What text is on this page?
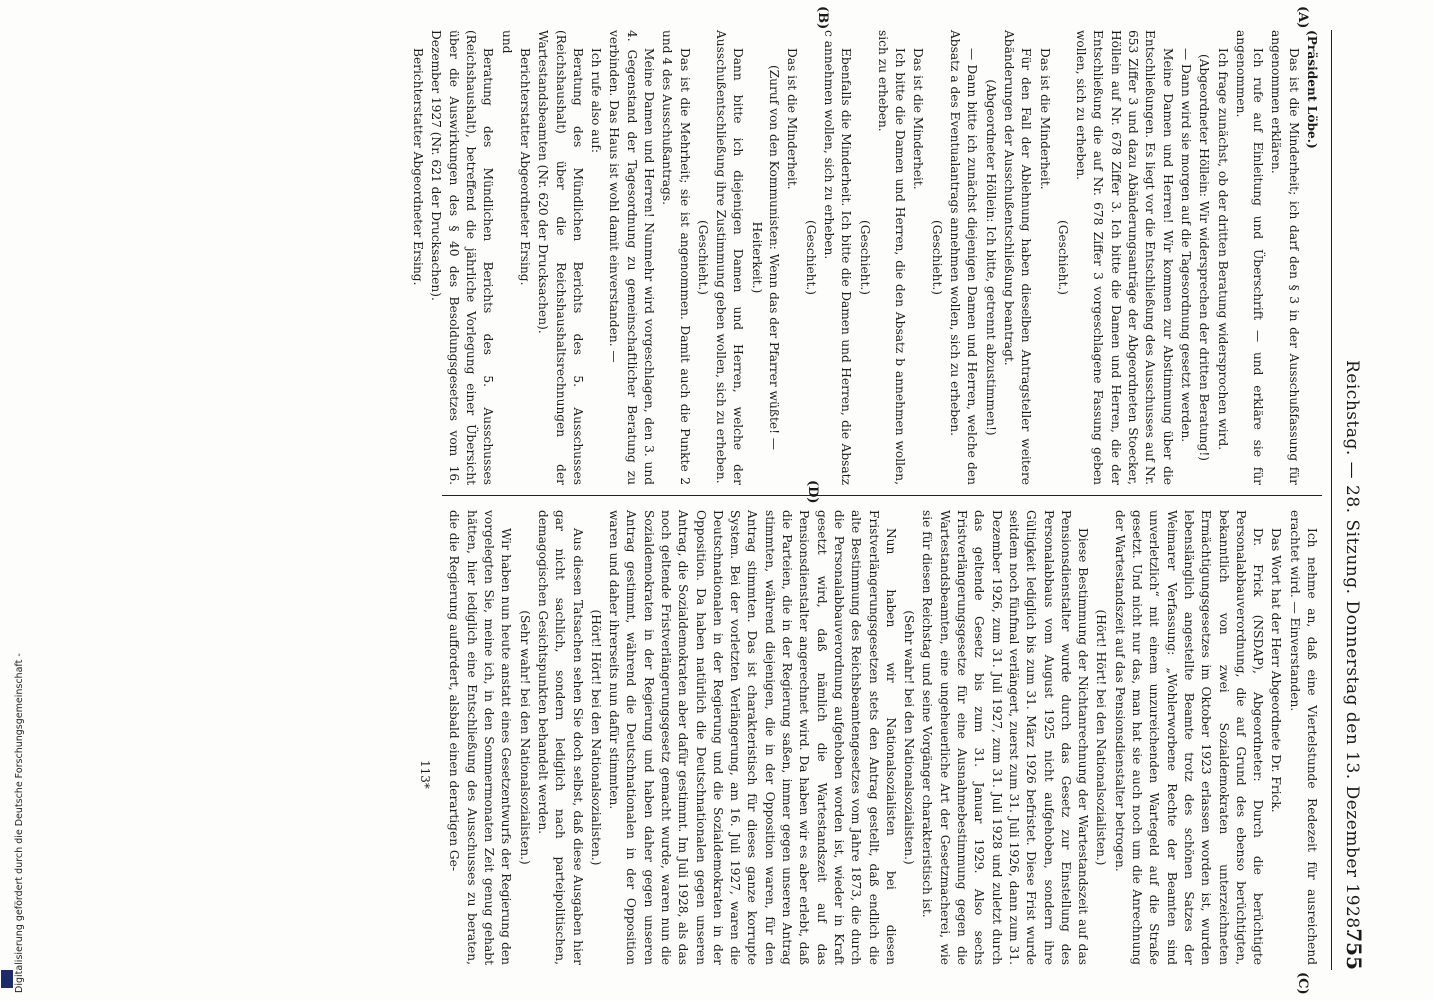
Reichstag. — 28. Sitzung. Donnerstag den 13. Dezember 1928.
755
(A)
(B)
(C)
(D)

(Präsident Löbe.)

Das ist die Minderheit; ich darf den § 3 in der Ausschußfassung für angenommen erklären.

Ich rufe auf Einleitung und Überschrift — und erkläre sie für angenommen.

Ich frage zunächst, ob der dritten Beratung widersprochen wird.

(Abgeordneter Höllein: Wir widersprechen der dritten Beratung!)

— Dann wird sie morgen auf die Tagesordnung gesetzt werden.

Meine Damen und Herren! Wir kommen zur Abstimmung über die Entschließungen. Es liegt vor die Entschließung des Ausschusses auf Nr. 653 Ziffer 3 und dazu Abänderungsanträge der Abgeordneten Stoecker, Höllein auf Nr. 678 Ziffer 3. Ich bitte die Damen und Herren, die der Entschließung die auf Nr. 678 Ziffer 3 vorgeschlagene Fassung geben wollen, sich zu erheben.

(Geschieht.)

Das ist die Minderheit.

Für den Fall der Ablehnung haben dieselben Antragsteller weitere Abänderungen der Ausschußentschließung beantragt.

(Abgeordneter Höllein: Ich bitte, getrennt abzustimmen!)

— Dann bitte ich zunächst diejenigen Damen und Herren, welche den Absatz a des Eventualantrags annehmen wollen, sich zu erheben.

(Geschieht.)

Das ist die Minderheit.

Ich bitte die Damen und Herren, die den Absatz b annehmen wollen, sich zu erheben.

(Geschieht.)

Ebenfalls die Minderheit. Ich bitte die Damen und Herren, die Absatz c annehmen wollen, sich zu erheben.

(Geschieht.)

Das ist die Minderheit.

(Zuruf von den Kommunisten: Wenn das der Pfarrer wüßte! — Heiterkeit.)

Dann bitte ich diejenigen Damen und Herren, welche der Ausschußentschließung ihre Zustimmung geben wollen, sich zu erheben.

(Geschieht.)

Das ist die Mehrheit; sie ist angenommen. Damit auch die Punkte 2 und 4 des Ausschußantrags.

Meine Damen und Herren! Nunmehr wird vorgeschlagen, den 3. und 4. Gegenstand der Tagesordnung zu gemeinschaftlicher Beratung zu verbinden. Das Haus ist wohl damit einverstanden. —

Ich rufe also auf:

Beratung des Mündlichen Berichts des 5. Ausschusses (Reichshaushalt) über die Reichshaushaltsrechnungen der Wartestandsbeamten (Nr. 620 der Drucksachen).

Berichterstatter Abgeordneter Ersing.

und

Beratung des Mündlichen Berichts des 5. Ausschusses (Reichshaushalt), betreffend die jährliche Vorlegung einer Übersicht über die Auswirkungen des § 40 des Besoldungsgesetzes vom 16. Dezember 1927 (Nr. 621 der Drucksachen).

Berichterstatter Abgeordneter Ersing.

Ich nehme an, daß eine Viertelstunde Redezeit für ausreichend erachtet wird. — Einverstanden.

Das Wort hat der Herr Abgeordnete Dr. Frick.

Dr. Frick (NSDAP), Abgeordneter: Durch die berüchtigte Personalabbauverordnung, die auf Grund des ebenso berüchtigten, bekanntlich von zwei Sozialdemokraten unterzeichneten Ermächtigungsgesetzes im Oktober 1923 erlassen worden ist, wurden lebenslänglich angestellte Beamte trotz des schönen Satzes der Weimarer Verfassung: „Wohlerworbene Rechte der Beamten sind unverletzlich“ mit einem unzureichenden Wartegeld auf die Straße gesetzt. Und nicht nur das, man hat sie auch noch um die Anrechnung der Wartestandszeit auf das Pensionsdienstalter betrogen.

(Hört! Hört! bei den Nationalsozialisten.)

Diese Bestimmung der Nichtanrechnung der Wartestandszeit auf das Pensionsdienstalter wurde durch das Gesetz zur Einstellung des Personalabbaus vom August 1925 nicht aufgehoben, sondern ihre Gültigkeit lediglich bis zum 31. März 1926 befristet. Diese Frist wurde seitdem noch fünfmal verlängert, zuerst zum 31. Juli 1926, dann zum 31. Dezember 1926, zum 31. Juli 1927, zum 31. Juli 1928 und zuletzt durch das geltende Gesetz bis zum 31. Januar 1929. Also sechs Fristverlängerungsgesetze für eine Ausnahmebestimmung gegen die Wartestandsbeamten, eine ungeheuerliche Art der Gesetzmacherei, wie sie für diesen Reichstag und seine Vorgänger charakteristisch ist.

(Sehr wahr! bei den Nationalsozialisten.)

Nun haben wir Nationalsozialisten bei diesen Fristverlängerungsgesetzen stets den Antrag gestellt, daß endlich die alte Bestimmung des Reichsbeamtengesetzes vom Jahre 1873, die durch die Personalabbauverordnung aufgehoben worden ist, wieder in Kraft gesetzt wird, daß nämlich die Wartestandszeit auf das Pensionsdienstalter angerechnet wird. Da haben wir es aber erlebt, daß die Parteien, die in der Regierung saßen, immer gegen unseren Antrag stimmten, während diejenigen, die in der Opposition waren, für den Antrag stimmten. Das ist charakteristisch für dieses ganze korrupte System. Bei der vorletzten Verlängerung, am 16. Juli 1927, waren die Deutschnationalen in der Regierung und die Sozialdemokraten in der Opposition. Da haben natürlich die Deutschnationalen gegen unseren Antrag, die Sozialdemokraten aber dafür gestimmt. Im Juli 1928, als das noch geltende Fristverlängerungsgesetz gemacht wurde, waren nun die Sozialdemokraten in der Regierung und haben daher gegen unseren Antrag gestimmt, während die Deutschnationalen in der Opposition waren und daher ihrerseits nun dafür stimmten.

(Hört! Hört! bei den Nationalsozialisten.)

Aus diesen Tatsachen sehen Sie doch selbst, daß diese Ausgaben hier gar nicht sachlich, sondern lediglich nach parteipolitischen, demagogischen Gesichtspunkten behandelt werden.

(Sehr wahr! bei den Nationalsozialisten.)

Wir haben nun heute anstatt eines Gesetzentwurfs der Regierung den vorgelegten Sie, meine ich, in den Sommermonaten Zeit genug gehabt hätten, hier lediglich eine Entschließung des Ausschusses zu beraten, die die Regierung auffordert, alsbald einen derartigen Ge-

113*
Digitalisierung gefördert durch die Deutsche Forschungsgemeinschaft -
